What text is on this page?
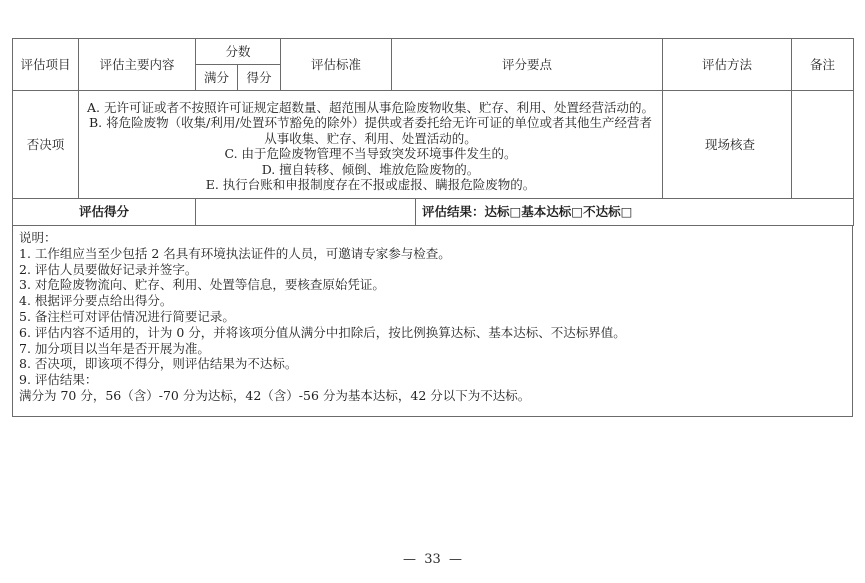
评估项目	评估主要内容	分数		评估标准	评分要点	评估方法	备注
		满分	得分				
否决项	A. 无许可证或者不按照许可证规定超数量、超范围从事危险废物收集、贮存、利用、处置经营活动的。
B. 将危险废物（收集/利用/处置环节豁免的除外）提供或者委托给无许可证的单位或者其他生产经营者从事收集、贮存、利用、处置活动的。
C. 由于危险废物管理不当导致突发环境事件发生的。
D. 擅自转移、倾倒、堆放危险废物的。
E. 执行台账和申报制度存在不报或虚报、瞒报危险废物的。					现场核查	
评估得分		评估结果：达标□基本达标□不达标□
说明：
1. 工作组应当至少包括 2 名具有环境执法证件的人员，可邀请专家参与检查。
2. 评估人员要做好记录并签字。
3. 对危险废物流向、贮存、利用、处置等信息，要核查原始凭证。
4. 根据评分要点给出得分。
5. 备注栏可对评估情况进行简要记录。
6. 评估内容不适用的，计为 0 分，并将该项分值从满分中扣除后，按比例换算达标、基本达标、不达标界值。
7. 加分项目以当年是否开展为准。
8. 否决项，即该项不得分，则评估结果为不达标。
9. 评估结果：
满分为 70 分，56（含）-70 分为达标，42（含）-56 分为基本达标，42 分以下为不达标。
—  33  —
